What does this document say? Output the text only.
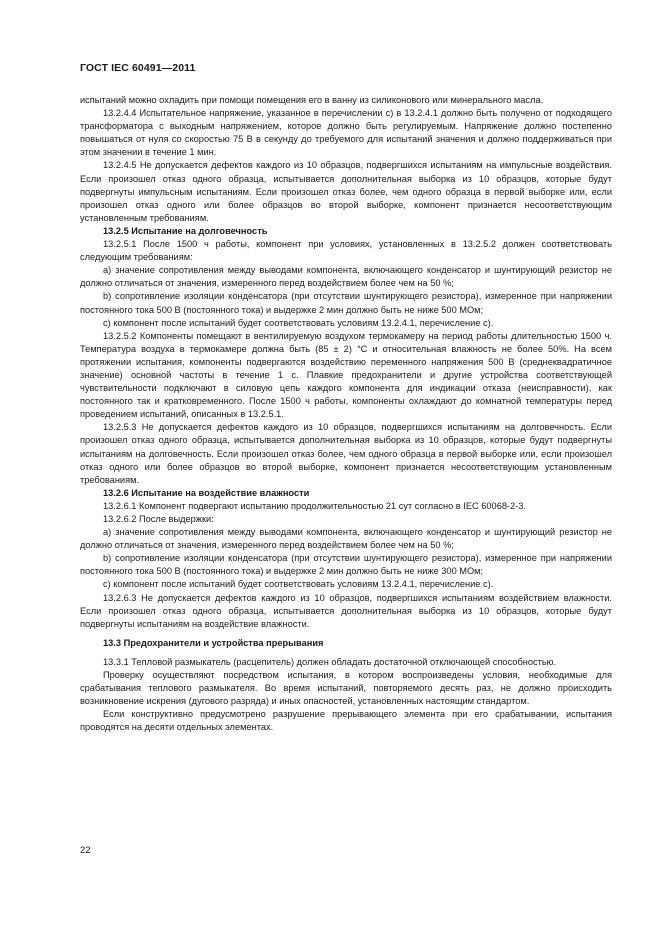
ГОСТ IEC 60491—2011

испытаний можно охладить при помощи помещения его в ванну из силиконового или минерального масла.

13.2.4.4 Испытательное напряжение, указанное в перечислении с) в 13.2.4.1 должно быть получено от подходящего трансформатора с выходным напряжением, которое должно быть регулируемым. Напряжение должно постепенно повышаться от нуля со скоростью 75 В в секунду до требуемого для испытаний значения и должно поддерживаться при этом значении в течение 1 мин.

13.2.4.5 Не допускается дефектов каждого из 10 образцов, подвергшихся испытаниям на импульсные воздействия. Если произошел отказ одного образца, испытывается дополнительная выборка из 10 образцов, которые будут подвергнуты импульсным испытаниям. Если произошел отказ более, чем одного образца в первой выборке или, если произошел отказ одного или более образцов во второй выборке, компонент признается несоответствующим установленным требованиям.

13.2.5 Испытание на долговечность

13.2.5.1 После 1500 ч работы, компонент при условиях, установленных в 13.2.5.2 должен соответствовать следующим требованиям:

a) значение сопротивления между выводами компонента, включающего конденсатор и шунтирующий резистор не должно отличаться от значения, измеренного перед воздействием более чем на 50 %;

b) сопротивление изоляции конденсатора (при отсутствии шунтирующего резистора), измеренное при напряжении постоянного тока 500 В (постоянного тока) и выдержке 2 мин должно быть не ниже 500 МОм;

c) компонент после испытаний будет соответствовать условиям 13.2.4.1, перечисление с).

13.2.5.2 Компоненты помещают в вентилируемую воздухом термокамеру на период работы длительностью 1500 ч. Температура воздуха в термокамере должна быть (85 ± 2) °С и относительная влажность не более 50%. На всем протяжении испытания, компоненты подвергаются воздействию переменного напряжения 500 В (среднеквадратичное значение) основной частоты в течение 1 с. Плавкие предохранители и другие устройства соответствующей чувствительности подключают в силовую цепь каждого компонента для индикации отказа (неисправности), как постоянного так и кратковременного. После 1500 ч работы, компоненты охлаждают до комнатной температуры перед проведением испытаний, описанных в 13.2.5.1.

13.2.5.3 Не допускается дефектов каждого из 10 образцов, подвергшихся испытаниям на долговечность. Если произошел отказ одного образца, испытывается дополнительная выборка из 10 образцов, которые будут подвергнуты испытаниям на долговечность. Если произошел отказ более, чем одного образца в первой выборке или, если произошел отказ одного или более образцов во второй выборке, компонент признается несоответствующим установленным требованиям.

13.2.6 Испытание на воздействие влажности

13.2.6.1 Компонент подвергают испытанию продолжительностью 21 сут согласно в IEC 60068-2-3.

13.2.6.2 После выдержки:

a) значение сопротивления между выводами компонента, включающего конденсатор и шунтирующий резистор не должно отличаться от значения, измеренного перед воздействием более чем на 50 %;

b) сопротивление изоляции конденсатора (при отсутствии шунтирующего резистора), измеренное при напряжении постоянного тока 500 В (постоянного тока) и выдержке 2 мин должно быть не ниже 300 МОм;

c) компонент после испытаний будет соответствовать условиям 13.2.4.1, перечисление с).

13.2.6.3 Не допускается дефектов каждого из 10 образцов, подвергшихся испытаниям воздействием влажности. Если произошел отказ одного образца, испытывается дополнительная выборка из 10 образцов, которые будут подвергнуты испытаниям на воздействие влажности.

13.3 Предохранители и устройства прерывания

13.3.1 Тепловой размыкатель (расцепитель) должен обладать достаточной отключающей способностью.

Проверку осуществляют посредством испытания, в котором воспроизведены условия, необходимые для срабатывания теплового размыкателя. Во время испытаний, повторяемого десять раз, не должно происходить возникновение искрения (дугового разряда) и иных опасностей, установленных настоящим стандартом.

Если конструктивно предусмотрено разрушение прерывающего элемента при его срабатывании, испытания проводятся на десяти отдельных элементах.

22
